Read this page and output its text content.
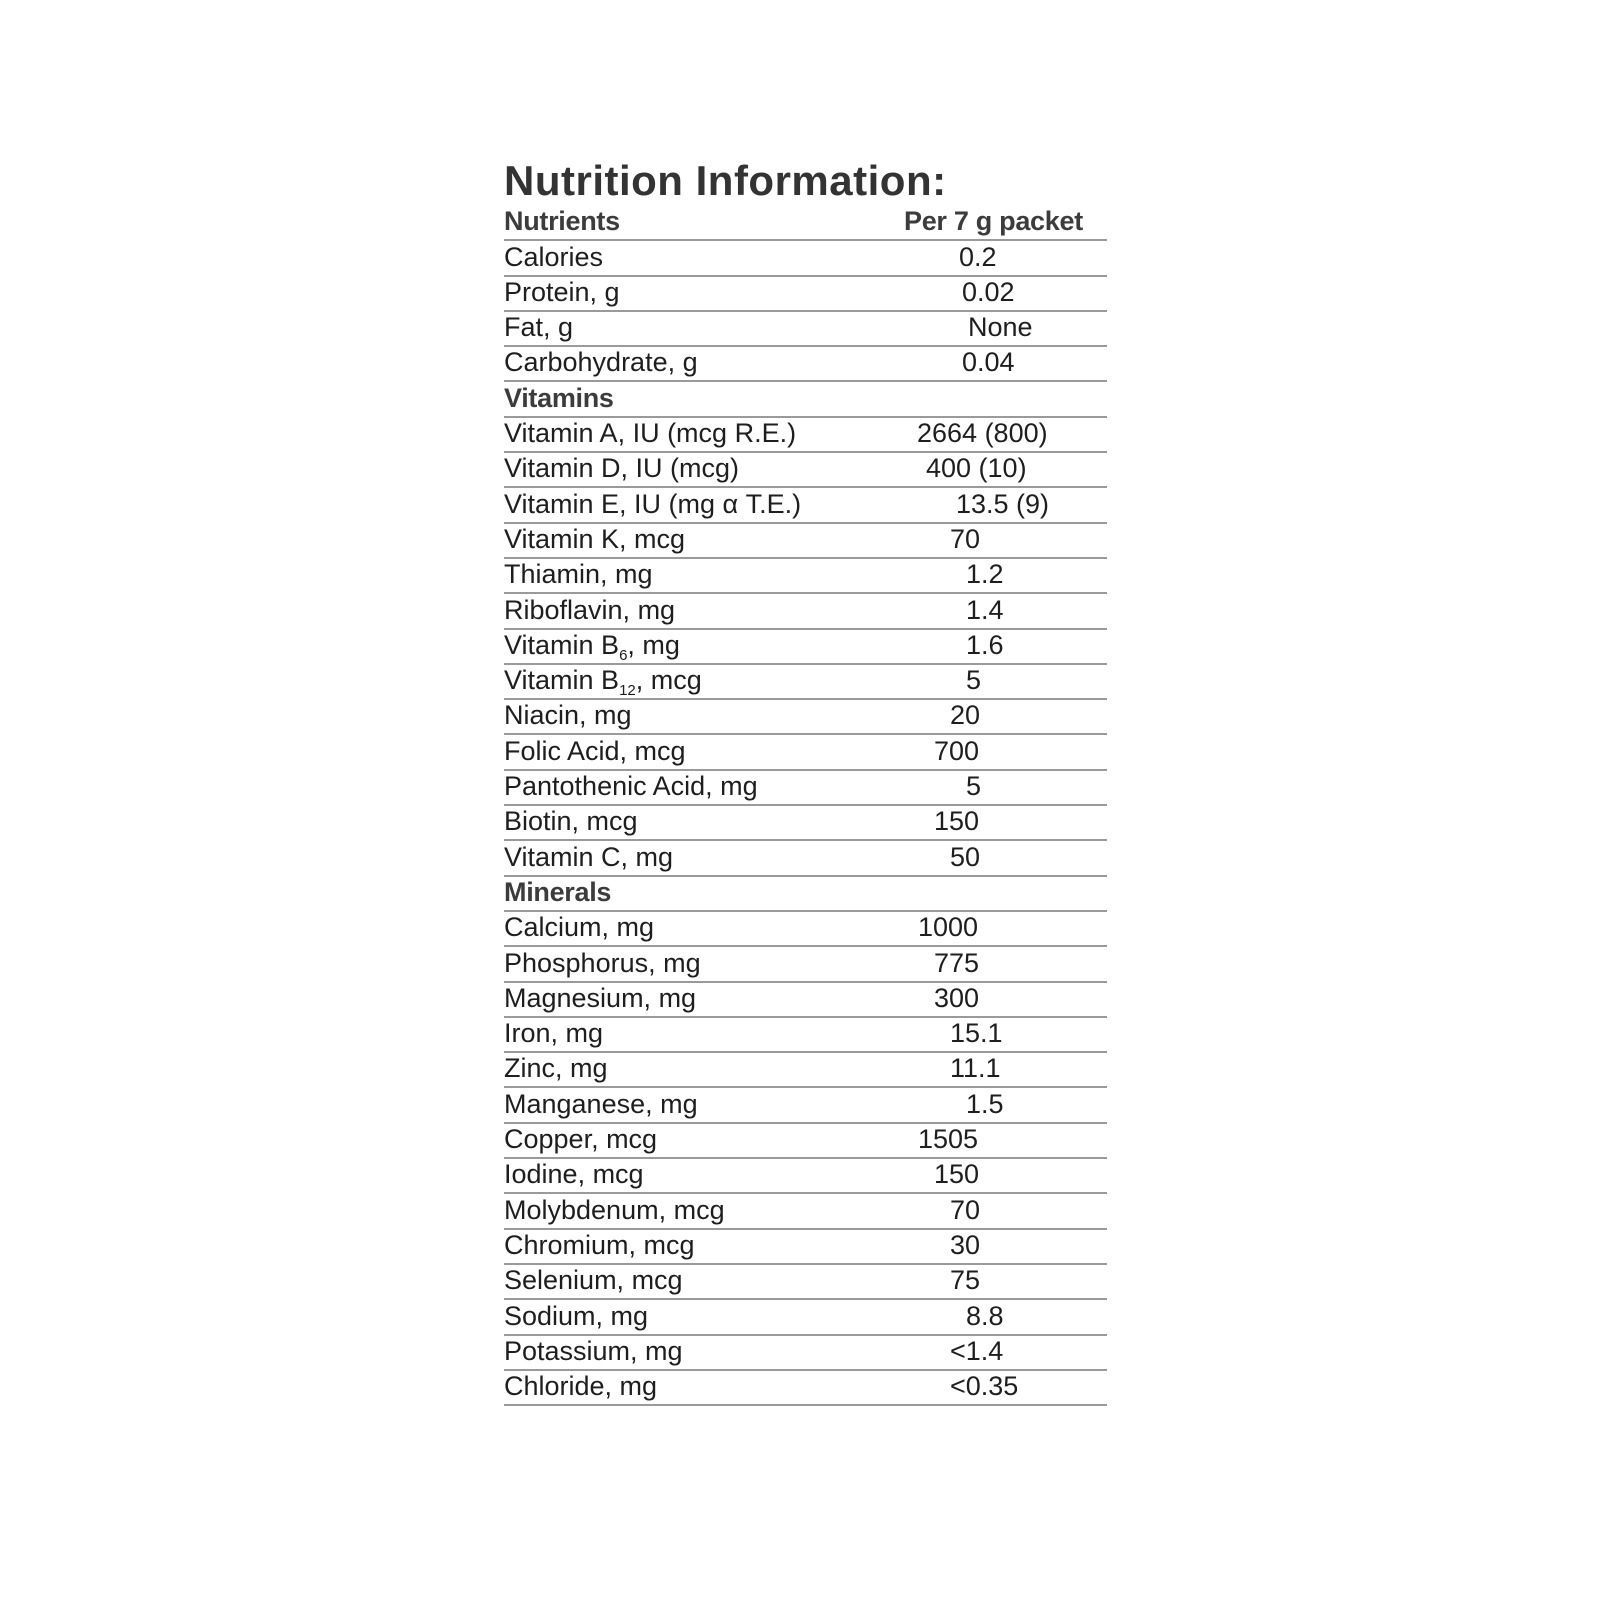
Nutrition Information:
Nutrients	Per 7 g packet
Calories	0.2
Protein, g	0.02
Fat, g	None
Carbohydrate, g	0.04
Vitamins
Vitamin A, IU (mcg R.E.)	2664 (800)
Vitamin D, IU (mcg)	400 (10)
Vitamin E, IU (mg α T.E.)	13.5 (9)
Vitamin K, mcg	70
Thiamin, mg	1.2
Riboflavin, mg	1.4
Vitamin $B_6$, mg	1.6
Vitamin $B_{12}$, mcg	5
Niacin, mg	20
Folic Acid, mcg	700
Pantothenic Acid, mg	5
Biotin, mcg	150
Vitamin C, mg	50
Minerals
Calcium, mg	1000
Phosphorus, mg	775
Magnesium, mg	300
Iron, mg	15.1
Zinc, mg	11.1
Manganese, mg	1.5
Copper, mcg	1505
Iodine, mcg	150
Molybdenum, mcg	70
Chromium, mcg	30
Selenium, mcg	75
Sodium, mg	8.8
Potassium, mg	<1.4
Chloride, mg	<0.35
